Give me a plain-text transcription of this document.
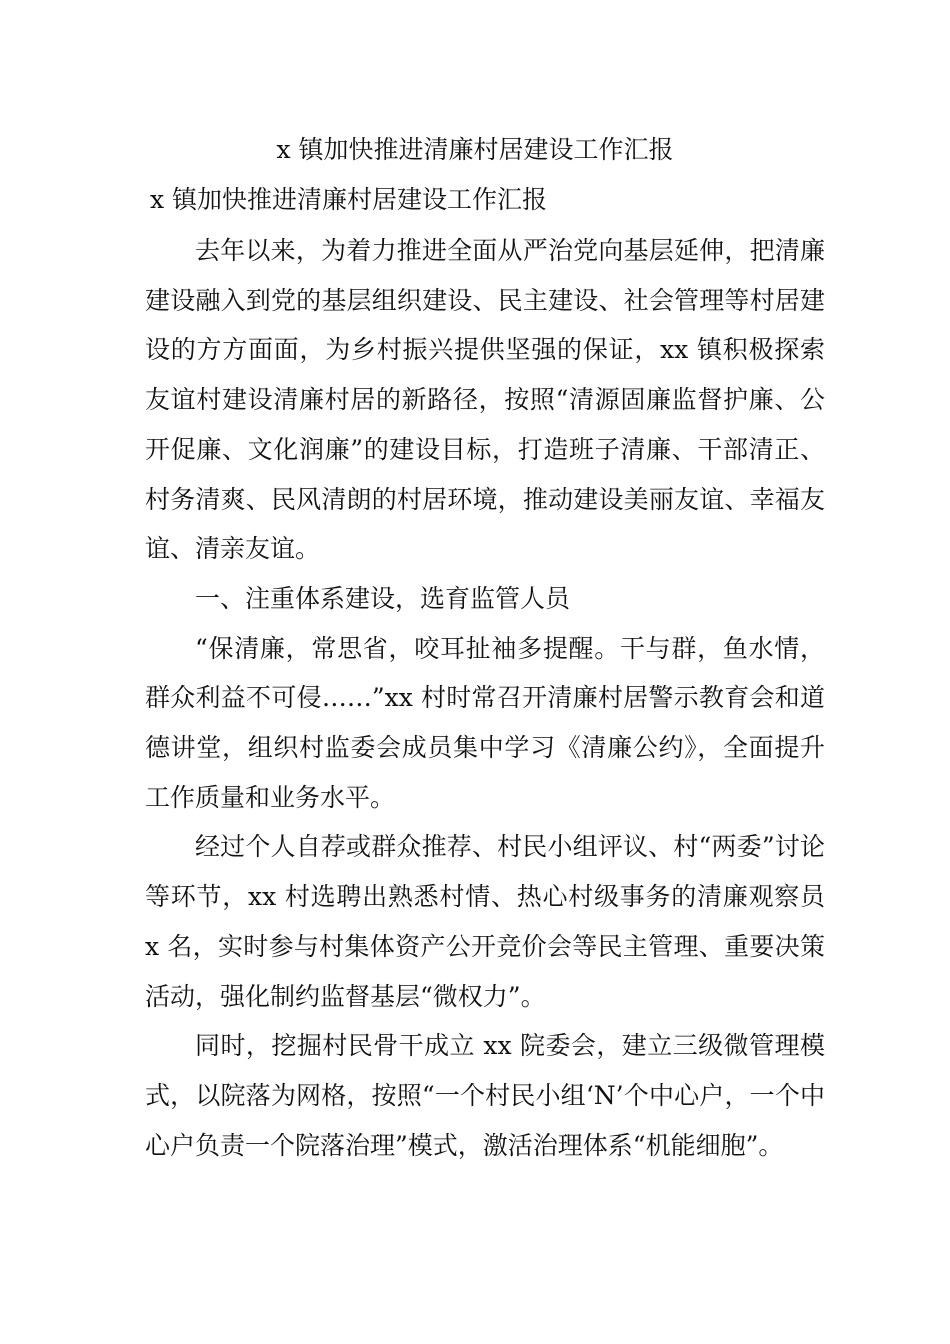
x 镇加快推进清廉村居建设工作汇报

x 镇加快推进清廉村居建设工作汇报

去年以来，为着力推进全面从严治党向基层延伸，把清廉建设融入到党的基层组织建设、民主建设、社会管理等村居建设的方方面面，为乡村振兴提供坚强的保证，xx 镇积极探索友谊村建设清廉村居的新路径，按照“清源固廉监督护廉、公开促廉、文化润廉”的建设目标，打造班子清廉、干部清正、村务清爽、民风清朗的村居环境，推动建设美丽友谊、幸福友谊、清亲友谊。

一、注重体系建设，选育监管人员

“保清廉，常思省，咬耳扯袖多提醒。干与群，鱼水情，群众利益不可侵……”xx 村时常召开清廉村居警示教育会和道德讲堂，组织村监委会成员集中学习《清廉公约》，全面提升工作质量和业务水平。

经过个人自荐或群众推荐、村民小组评议、村“两委”讨论等环节，xx 村选聘出熟悉村情、热心村级事务的清廉观察员 x 名，实时参与村集体资产公开竞价会等民主管理、重要决策活动，强化制约监督基层“微权力”。

同时，挖掘村民骨干成立 xx 院委会，建立三级微管理模式，以院落为网格，按照“一个村民小组‘N’个中心户，一个中心户负责一个院落治理”模式，激活治理体系“机能细胞”。
